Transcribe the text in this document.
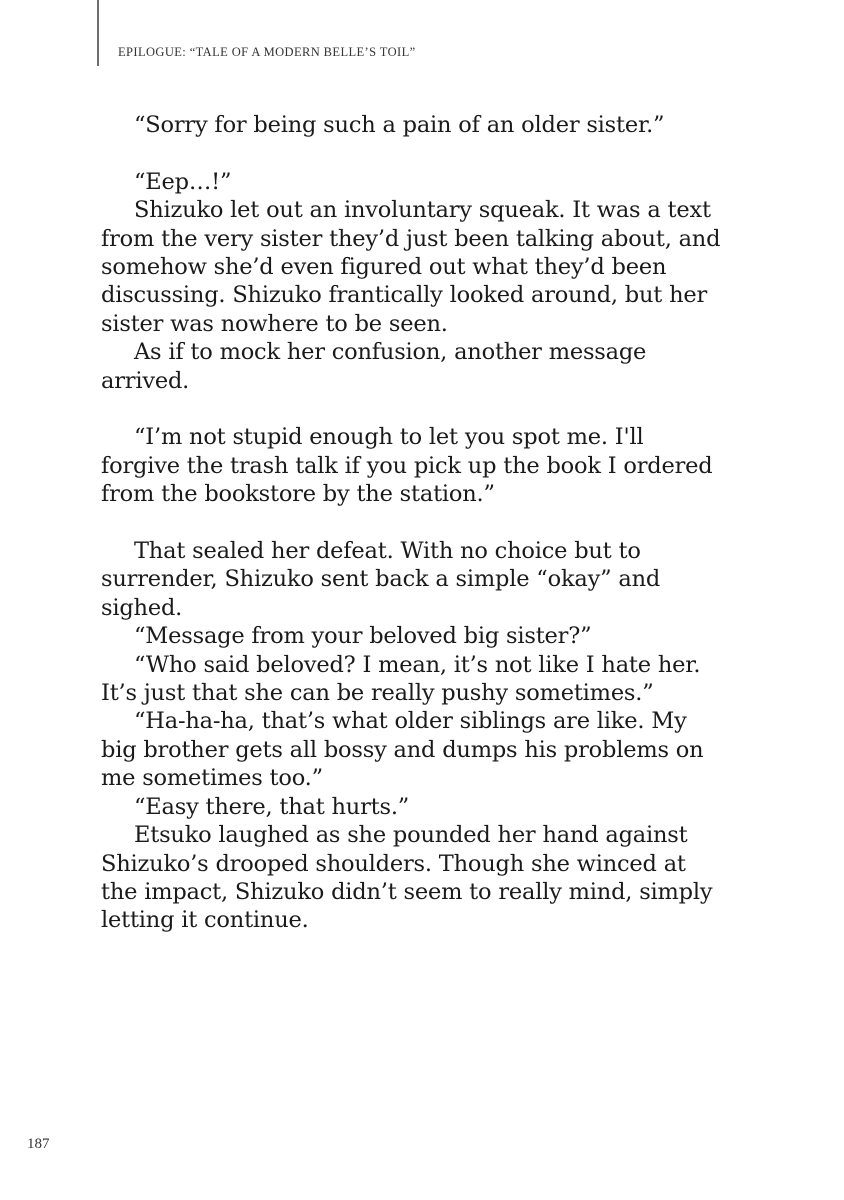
EPILOGUE: “TALE OF A MODERN BELLE’S TOIL”

“Sorry for being such a pain of an older sister.”

“Eep…!”

Shizuko let out an involuntary squeak. It was a text
from the very sister they’d just been talking about, and
somehow she’d even figured out what they’d been
discussing. Shizuko frantically looked around, but her
sister was nowhere to be seen.

As if to mock her confusion, another message
arrived.

“I’m not stupid enough to let you spot me. I'll
forgive the trash talk if you pick up the book I ordered
from the bookstore by the station.”

That sealed her defeat. With no choice but to
surrender, Shizuko sent back a simple “okay” and
sighed.

“Message from your beloved big sister?”

“Who said beloved? I mean, it’s not like I hate her.
It’s just that she can be really pushy sometimes.”

“Ha-ha-ha, that’s what older siblings are like. My
big brother gets all bossy and dumps his problems on
me sometimes too.”

“Easy there, that hurts.”

Etsuko laughed as she pounded her hand against
Shizuko’s drooped shoulders. Though she winced at
the impact, Shizuko didn’t seem to really mind, simply
letting it continue.

187
